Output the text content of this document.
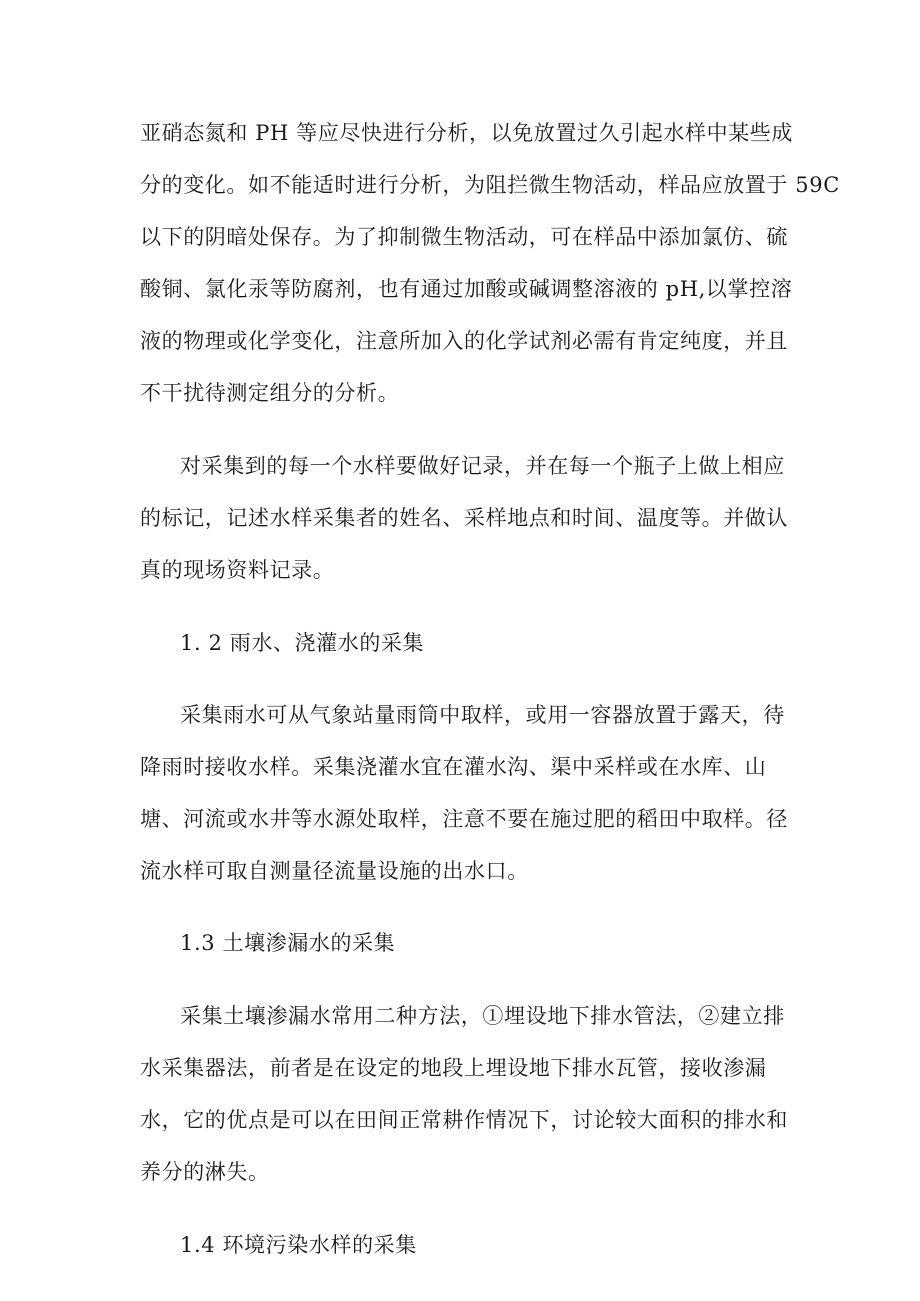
亚硝态氮和 PH 等应尽快进行分析，以免放置过久引起水样中某些成
分的变化。如不能适时进行分析，为阻拦微生物活动，样品应放置于 59C
以下的阴暗处保存。为了抑制微生物活动，可在样品中添加氯仿、硫
酸铜、氯化汞等防腐剂，也有通过加酸或碱调整溶液的 pH,以掌控溶
液的物理或化学变化，注意所加入的化学试剂必需有肯定纯度，并且
不干扰待测定组分的分析。
对采集到的每一个水样要做好记录，并在每一个瓶子上做上相应
的标记，记述水样采集者的姓名、采样地点和时间、温度等。并做认
真的现场资料记录。
1. 2 雨水、浇灌水的采集
采集雨水可从气象站量雨筒中取样，或用一容器放置于露天，待
降雨时接收水样。采集浇灌水宜在灌水沟、渠中采样或在水库、山
塘、河流或水井等水源处取样，注意不要在施过肥的稻田中取样。径
流水样可取自测量径流量设施的出水口。
1.3 土壤渗漏水的采集
采集土壤渗漏水常用二种方法，①埋设地下排水管法，②建立排
水采集器法，前者是在设定的地段上埋设地下排水瓦管，接收渗漏
水，它的优点是可以在田间正常耕作情况下，讨论较大面积的排水和
养分的淋失。
1.4 环境污染水样的采集
